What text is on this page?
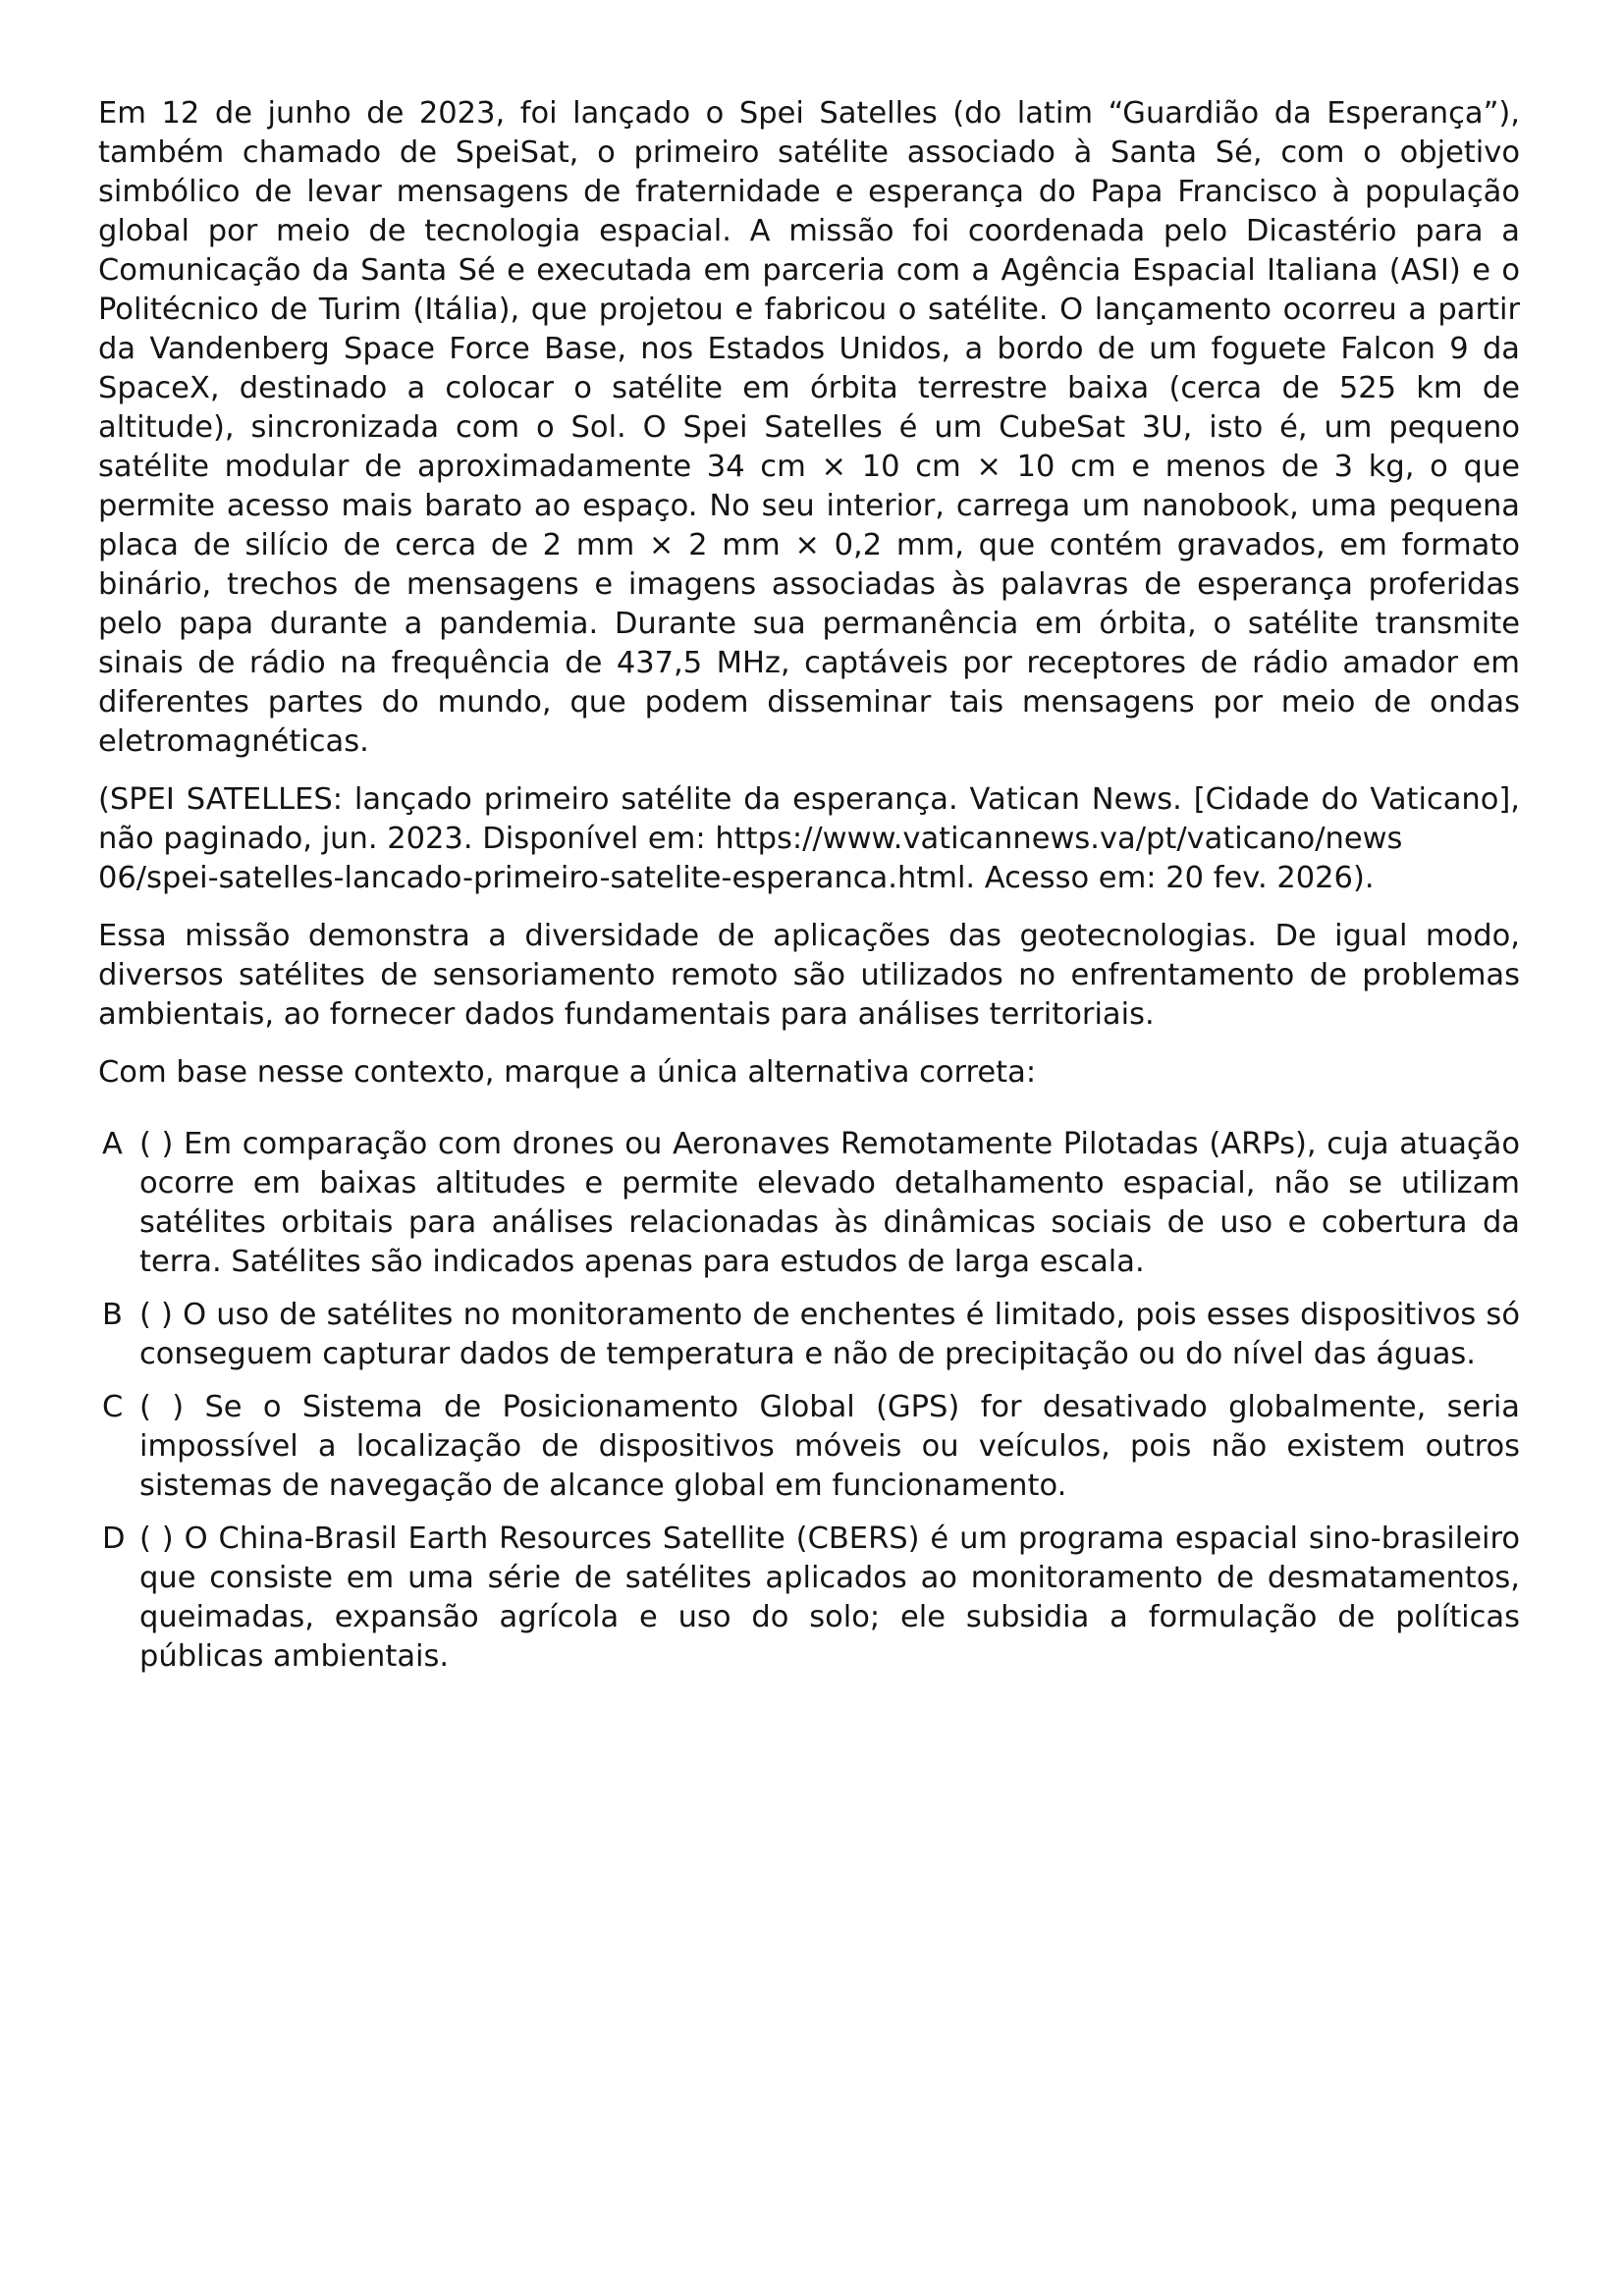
Em 12 de junho de 2023, foi lançado o Spei Satelles (do latim “Guardião da Esperança”), também chamado de SpeiSat, o primeiro satélite associado à Santa Sé, com o objetivo simbólico de levar mensagens de fraternidade e esperança do Papa Francisco à população global por meio de tecnologia espacial. A missão foi coordenada pelo Dicastério para a Comunicação da Santa Sé e executada em parceria com a Agência Espacial Italiana (ASI) e o Politécnico de Turim (Itália), que projetou e fabricou o satélite. O lançamento ocorreu a partir da Vandenberg Space Force Base, nos Estados Unidos, a bordo de um foguete Falcon 9 da SpaceX, destinado a colocar o satélite em órbita terrestre baixa (cerca de 525 km de altitude), sincronizada com o Sol. O Spei Satelles é um CubeSat 3U, isto é, um pequeno satélite modular de aproximadamente 34 cm × 10 cm × 10 cm e menos de 3 kg, o que permite acesso mais barato ao espaço. No seu interior, carrega um nanobook, uma pequena placa de silício de cerca de 2 mm × 2 mm × 0,2 mm, que contém gravados, em formato binário, trechos de mensagens e imagens associadas às palavras de esperança proferidas pelo papa durante a pandemia. Durante sua permanência em órbita, o satélite transmite sinais de rádio na frequência de 437,5 MHz, captáveis por receptores de rádio amador em diferentes partes do mundo, que podem disseminar tais mensagens por meio de ondas eletromagnéticas.

(SPEI SATELLES: lançado primeiro satélite da esperança. Vatican News. [Cidade do Vaticano], não paginado, jun. 2023. Disponível em: https://www.vaticannews.va/pt/vaticano/news
06/spei-satelles-lancado-primeiro-satelite-esperanca.html. Acesso em: 20 fev. 2026).

Essa missão demonstra a diversidade de aplicações das geotecnologias. De igual modo, diversos satélites de sensoriamento remoto são utilizados no enfrentamento de problemas ambientais, ao fornecer dados fundamentais para análises territoriais.

Com base nesse contexto, marque a única alternativa correta:

A ( ) Em comparação com drones ou Aeronaves Remotamente Pilotadas (ARPs), cuja atuação ocorre em baixas altitudes e permite elevado detalhamento espacial, não se utilizam satélites orbitais para análises relacionadas às dinâmicas sociais de uso e cobertura da terra. Satélites são indicados apenas para estudos de larga escala.
B ( ) O uso de satélites no monitoramento de enchentes é limitado, pois esses dispositivos só conseguem capturar dados de temperatura e não de precipitação ou do nível das águas.
C ( ) Se o Sistema de Posicionamento Global (GPS) for desativado globalmente, seria impossível a localização de dispositivos móveis ou veículos, pois não existem outros sistemas de navegação de alcance global em funcionamento.
D ( ) O China-Brasil Earth Resources Satellite (CBERS) é um programa espacial sino-brasileiro que consiste em uma série de satélites aplicados ao monitoramento de desmatamentos, queimadas, expansão agrícola e uso do solo; ele subsidia a formulação de políticas públicas ambientais.
